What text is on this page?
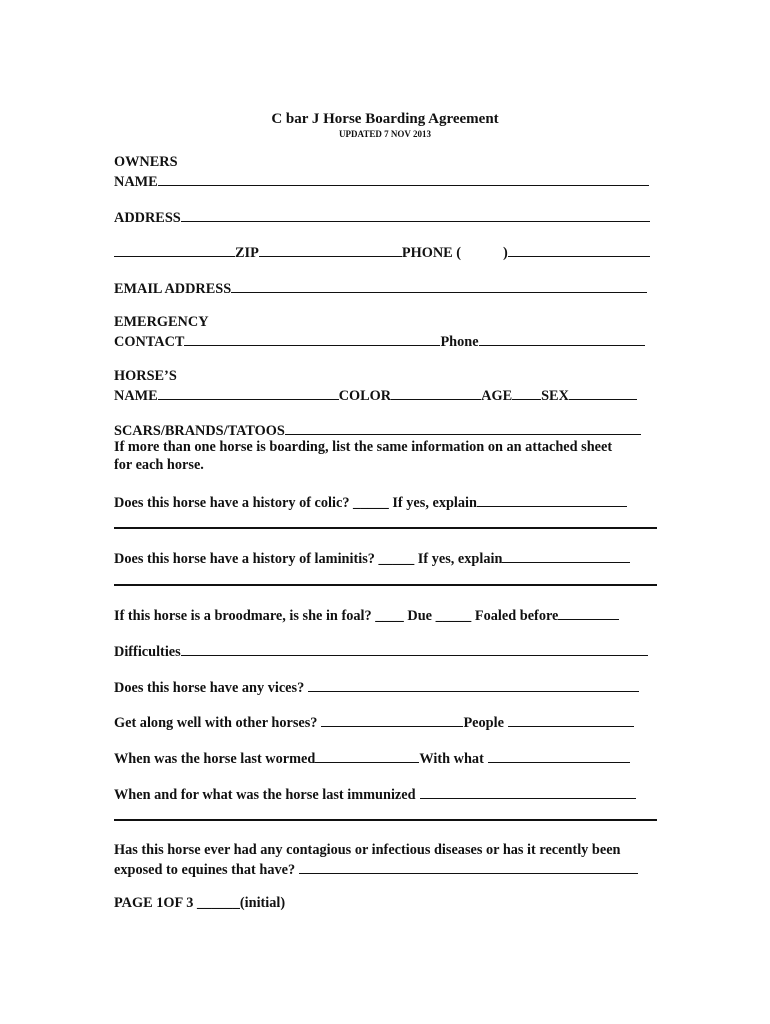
C bar J Horse Boarding Agreement
UPDATED 7 NOV 2013
OWNERS
NAME
ADDRESS
ZIP	PHONE (	)
EMAIL ADDRESS
EMERGENCY
CONTACT	Phone
HORSE’S
NAME	COLOR	AGE SEX
SCARS/BRANDS/TATOOS
If more than one horse is boarding, list the same information on an attached sheet
for each horse.
Does this horse have a history of colic? _____ If yes, explain
Does this horse have a history of laminitis? _____ If yes, explain
If this horse is a broodmare, is she in foal? ____ Due _____ Foaled before
Difficulties
Does this horse have any vices?
Get along well with other horses?	People
When was the horse last wormed	With what
When and for what was the horse last immunized
Has this horse ever had any contagious or infectious diseases or has it recently been
exposed to equines that have?
PAGE 1OF 3 ______(initial)
